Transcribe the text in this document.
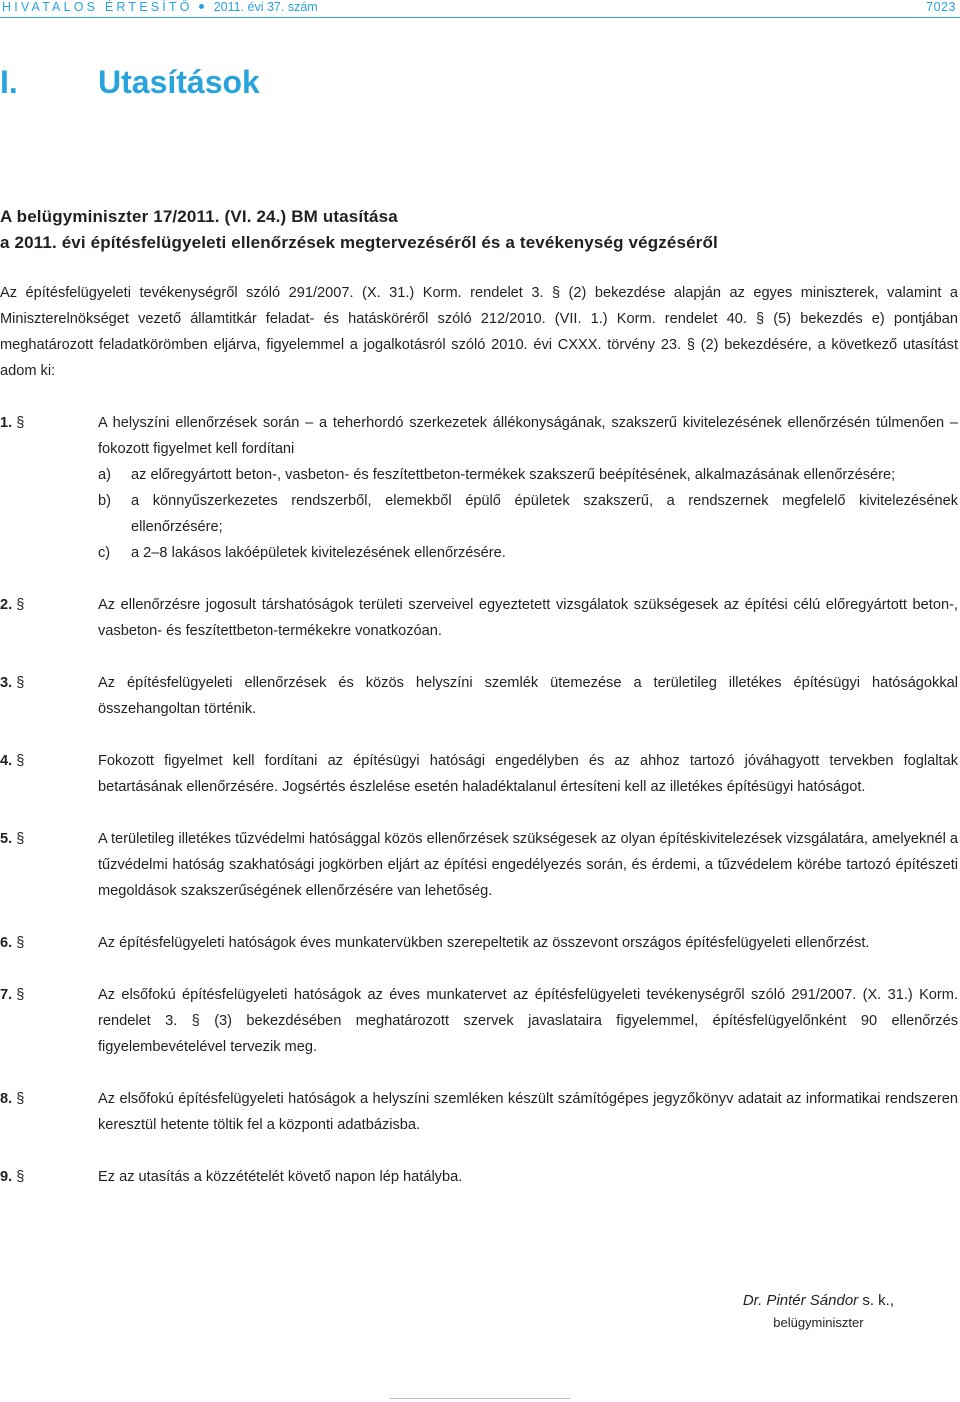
HIVATALOS ÉRTESÍTŐ 2011. évi 37. szám	7023
I.	Utasítások
A belügyminiszter 17/2011. (VI. 24.) BM utasítása
a 2011. évi építésfelügyeleti ellenőrzések megtervezéséről és a tevékenység végzéséről
Az építésfelügyeleti tevékenységről szóló 291/2007. (X. 31.) Korm. rendelet 3. § (2) bekezdése alapján az egyes miniszterek, valamint a Miniszterelnökséget vezető államtitkár feladat- és hatásköréről szóló 212/2010. (VII. 1.) Korm. rendelet 40. § (5) bekezdés e) pontjában meghatározott feladatkörömben eljárva, figyelemmel a jogalkotásról szóló 2010. évi CXXX. törvény 23. § (2) bekezdésére, a következő utasítást adom ki:
1. §	A helyszíni ellenőrzések során – a teherhordó szerkezetek állékonyságának, szakszerű kivitelezésének ellenőrzésén túlmenően – fokozott figyelmet kell fordítani
a)	az előregyártott beton-, vasbeton- és feszítettbeton-termékek szakszerű beépítésének, alkalmazásának ellenőrzésére;
b)	a könnyűszerkezetes rendszerből, elemekből épülő épületek szakszerű, a rendszernek megfelelő kivitelezésének ellenőrzésére;
c)	a 2–8 lakásos lakóépületek kivitelezésének ellenőrzésére.
2. §	Az ellenőrzésre jogosult társhatóságok területi szerveivel egyeztetett vizsgálatok szükségesek az építési célú előregyártott beton-, vasbeton- és feszítettbeton-termékekre vonatkozóan.
3. §	Az építésfelügyeleti ellenőrzések és közös helyszíni szemlék ütemezése a területileg illetékes építésügyi hatóságokkal összehangoltan történik.
4. §	Fokozott figyelmet kell fordítani az építésügyi hatósági engedélyben és az ahhoz tartozó jóváhagyott tervekben foglaltak betartásának ellenőrzésére. Jogsértés észlelése esetén haladéktalanul értesíteni kell az illetékes építésügyi hatóságot.
5. §	A területileg illetékes tűzvédelmi hatósággal közös ellenőrzések szükségesek az olyan építéskivitelezések vizsgálatára, amelyeknél a tűzvédelmi hatóság szakhatósági jogkörben eljárt az építési engedélyezés során, és érdemi, a tűzvédelem körébe tartozó építészeti megoldások szakszerűségének ellenőrzésére van lehetőség.
6. §	Az építésfelügyeleti hatóságok éves munkatervükben szerepeltetik az összevont országos építésfelügyeleti ellenőrzést.
7. §	Az elsőfokú építésfelügyeleti hatóságok az éves munkatervet az építésfelügyeleti tevékenységről szóló 291/2007. (X. 31.) Korm. rendelet 3. § (3) bekezdésében meghatározott szervek javaslataira figyelemmel, építésfelügyelőnként 90 ellenőrzés figyelembevételével tervezik meg.
8. §	Az elsőfokú építésfelügyeleti hatóságok a helyszíni szemléken készült számítógépes jegyzőkönyv adatait az informatikai rendszeren keresztül hetente töltik fel a központi adatbázisba.
9. §	Ez az utasítás a közzétételét követő napon lép hatályba.
Dr. Pintér Sándor s. k.,
belügyminiszter
